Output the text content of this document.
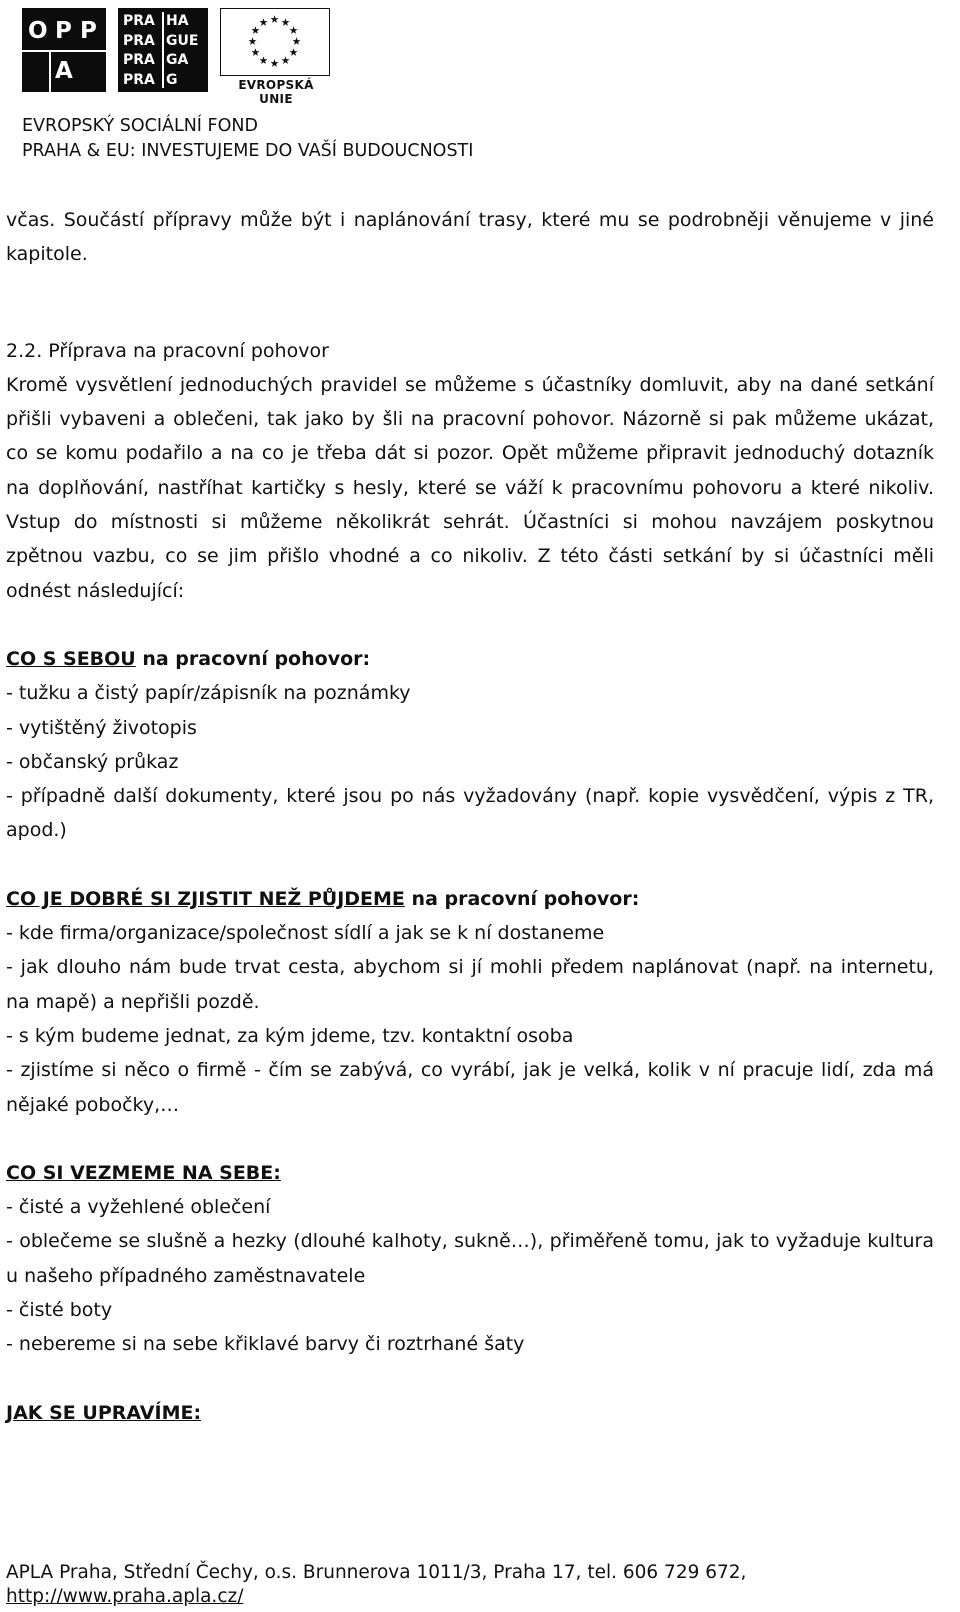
O P P
A
PRA
PRA
PRA
PRA
HA
GUE
GA
G	EVROPSKÁ UNIE
EVROPSKÝ SOCIÁLNÍ FOND
PRAHA & EU: INVESTUJEME DO VAŠÍ BUDOUCNOSTI

včas. Součástí přípravy může být i naplánování trasy, které mu se podrobněji věnujeme v jiné kapitole.

2.2. Příprava na pracovní pohovor

Kromě vysvětlení jednoduchých pravidel se můžeme s účastníky domluvit, aby na dané setkání přišli vybaveni a oblečeni, tak jako by šli na pracovní pohovor. Názorně si pak můžeme ukázat, co se komu podařilo a na co je třeba dát si pozor. Opět můžeme připravit jednoduchý dotazník na doplňování, nastříhat kartičky s hesly, které se váží k pracovnímu pohovoru a které nikoliv. Vstup do místnosti si můžeme několikrát sehrát. Účastníci si mohou navzájem poskytnou zpětnou vazbu, co se jim přišlo vhodné a co nikoliv. Z této části setkání by si účastníci měli odnést následující:

CO S SEBOU na pracovní pohovor:

- tužku a čistý papír/zápisník na poznámky

- vytištěný životopis

- občanský průkaz

- případně další dokumenty, které jsou po nás vyžadovány (např. kopie vysvědčení, výpis z TR, apod.)

CO JE DOBRÉ SI ZJISTIT NEŽ PŮJDEME na pracovní pohovor:

- kde firma/organizace/společnost sídlí a jak se k ní dostaneme

- jak dlouho nám bude trvat cesta, abychom si jí mohli předem naplánovat (např. na internetu, na mapě) a nepřišli pozdě.

- s kým budeme jednat, za kým jdeme, tzv. kontaktní osoba

- zjistíme si něco o firmě - čím se zabývá, co vyrábí, jak je velká, kolik v ní pracuje lidí, zda má nějaké pobočky,…

CO SI VEZMEME NA SEBE:

- čisté a vyžehlené oblečení

- oblečeme se slušně a hezky (dlouhé kalhoty, sukně…), přiměřeně tomu, jak to vyžaduje kultura u našeho případného zaměstnavatele

- čisté boty

- nebereme si na sebe křiklavé barvy či roztrhané šaty

JAK SE UPRAVÍME:

APLA Praha, Střední Čechy, o.s. Brunnerova 1011/3, Praha 17, tel. 606 729 672,
http://www.praha.apla.cz/
